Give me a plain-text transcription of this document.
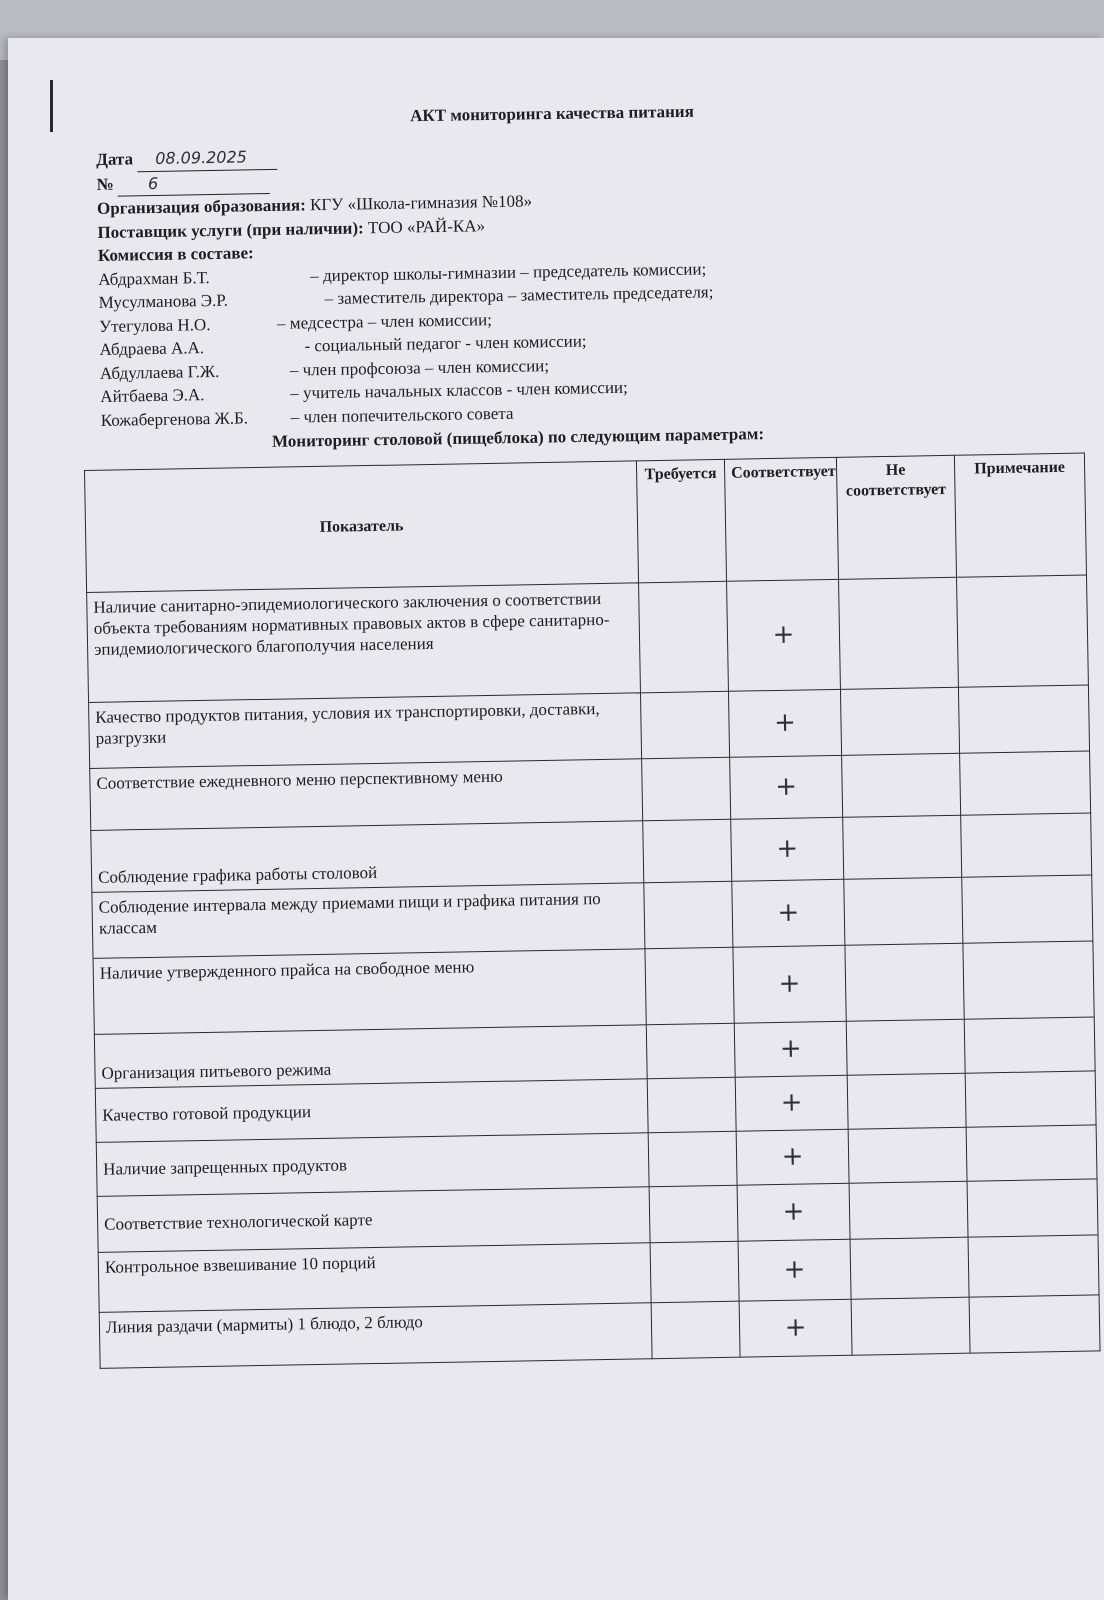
АКТ мониторинга качества питания
Дата 08.09.2025
№ 6
Организация образования: КГУ «Школа-гимназия №108»
Поставщик услуги (при наличии): ТОО «РАЙ-КА»
Комиссия в составе:
Абдрахман Б.Т.	– директор школы-гимназии – председатель комиссии;
Мусулманова Э.Р.	– заместитель директора – заместитель председателя;
Утегулова Н.О.	– медсестра – член комиссии;
Абдраева А.А.	- социальный педагог - член комиссии;
Абдуллаева Г.Ж.	– член профсоюза – член комиссии;
Айтбаева Э.А.	– учитель начальных классов - член комиссии;
Кожабергенова Ж.Б.	– член попечительского совета
Мониторинг столовой (пищеблока) по следующим параметрам:
Показатель	Требуется	Соответствует	Не соответствует	Примечание
Наличие санитарно-эпидемиологического заключения о соответствии объекта требованиям нормативных правовых актов в сфере санитарно-эпидемиологического благополучия населения		+		
Качество продуктов питания, условия их транспортировки, доставки, разгрузки		+		
Соответствие ежедневного меню перспективному меню		+		
Соблюдение графика работы столовой		+		
Соблюдение интервала между приемами пищи и графика питания по классам		+		
Наличие утвержденного прайса на свободное меню		+		
Организация питьевого режима		+		
Качество готовой продукции		+		
Наличие запрещенных продуктов		+		
Соответствие технологической карте		+		
Контрольное взвешивание 10 порций		+		
Линия раздачи (мармиты) 1 блюдо, 2 блюдо		+		
